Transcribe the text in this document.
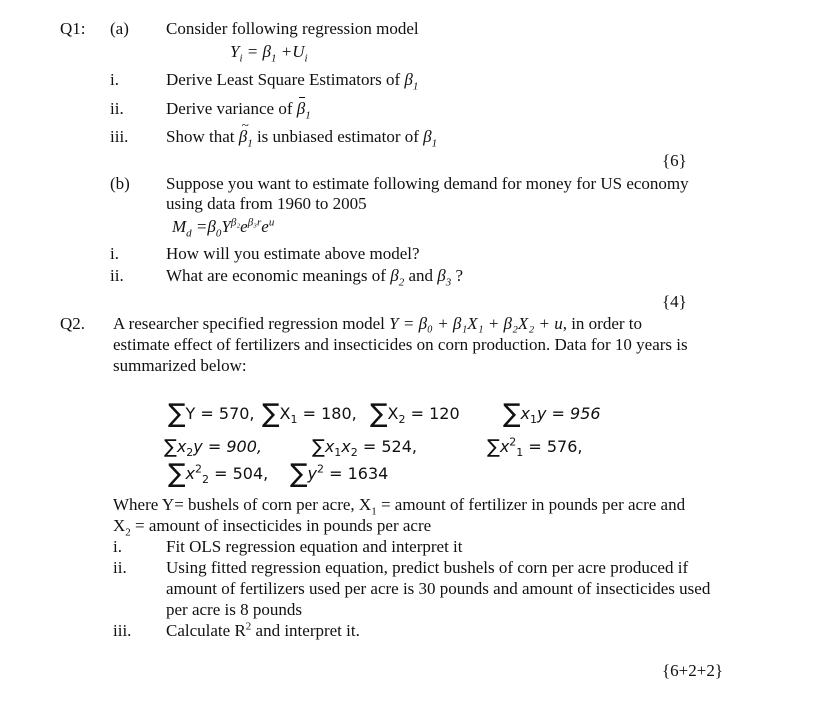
Q1: (a) Consider following regression model
$Y_i = \beta_1 +U_i$
i.	Derive Least Square Estimators of $\beta_1$
ii. Derive variance of $\beta_1$
iii. Show that ~ $\beta_1$ is unbiased estimator of $\beta_1$
{6}
(b) Suppose you want to estimate following demand for money for US economy
using data from 1960 to 2005
$M_d =\beta_0Y^{\beta_2}e^{\beta_3r}e^u$
i.	How will you estimate above model?
ii. What are economic meanings of $\beta_2$ and $\beta_3$ ?
{4}
Q2. A researcher specified regression model Y = β₀ + β₁X₁ + β₂X₂ + u, in order to
estimate effect of fertilizers and insecticides on corn production. Data for 10 years is
summarized below:
∑Y = 570, $\sum X_1 = 180$, $\sum X_2 = 120$ $\sum x_1y = 956$
$\sum x_2y = 900$,	$\sum x_1x_2 = 524$,	$\sum x^2_1 = 576$,
$\sum x^2_2 = 504$, $\sum y^2 = 1634$
Where Y= bushels of corn per acre, $X_1$ = amount of fertilizer in pounds per acre and
$X_2$ = amount of insecticides in pounds per acre
i.	Fit OLS regression equation and interpret it
ii. Using fitted regression equation, predict bushels of corn per acre produced if
amount of fertilizers used per acre is 30 pounds and amount of insecticides used
per acre is 8 pounds
iii. Calculate $R^2$ and interpret it.
{6+2+2}
